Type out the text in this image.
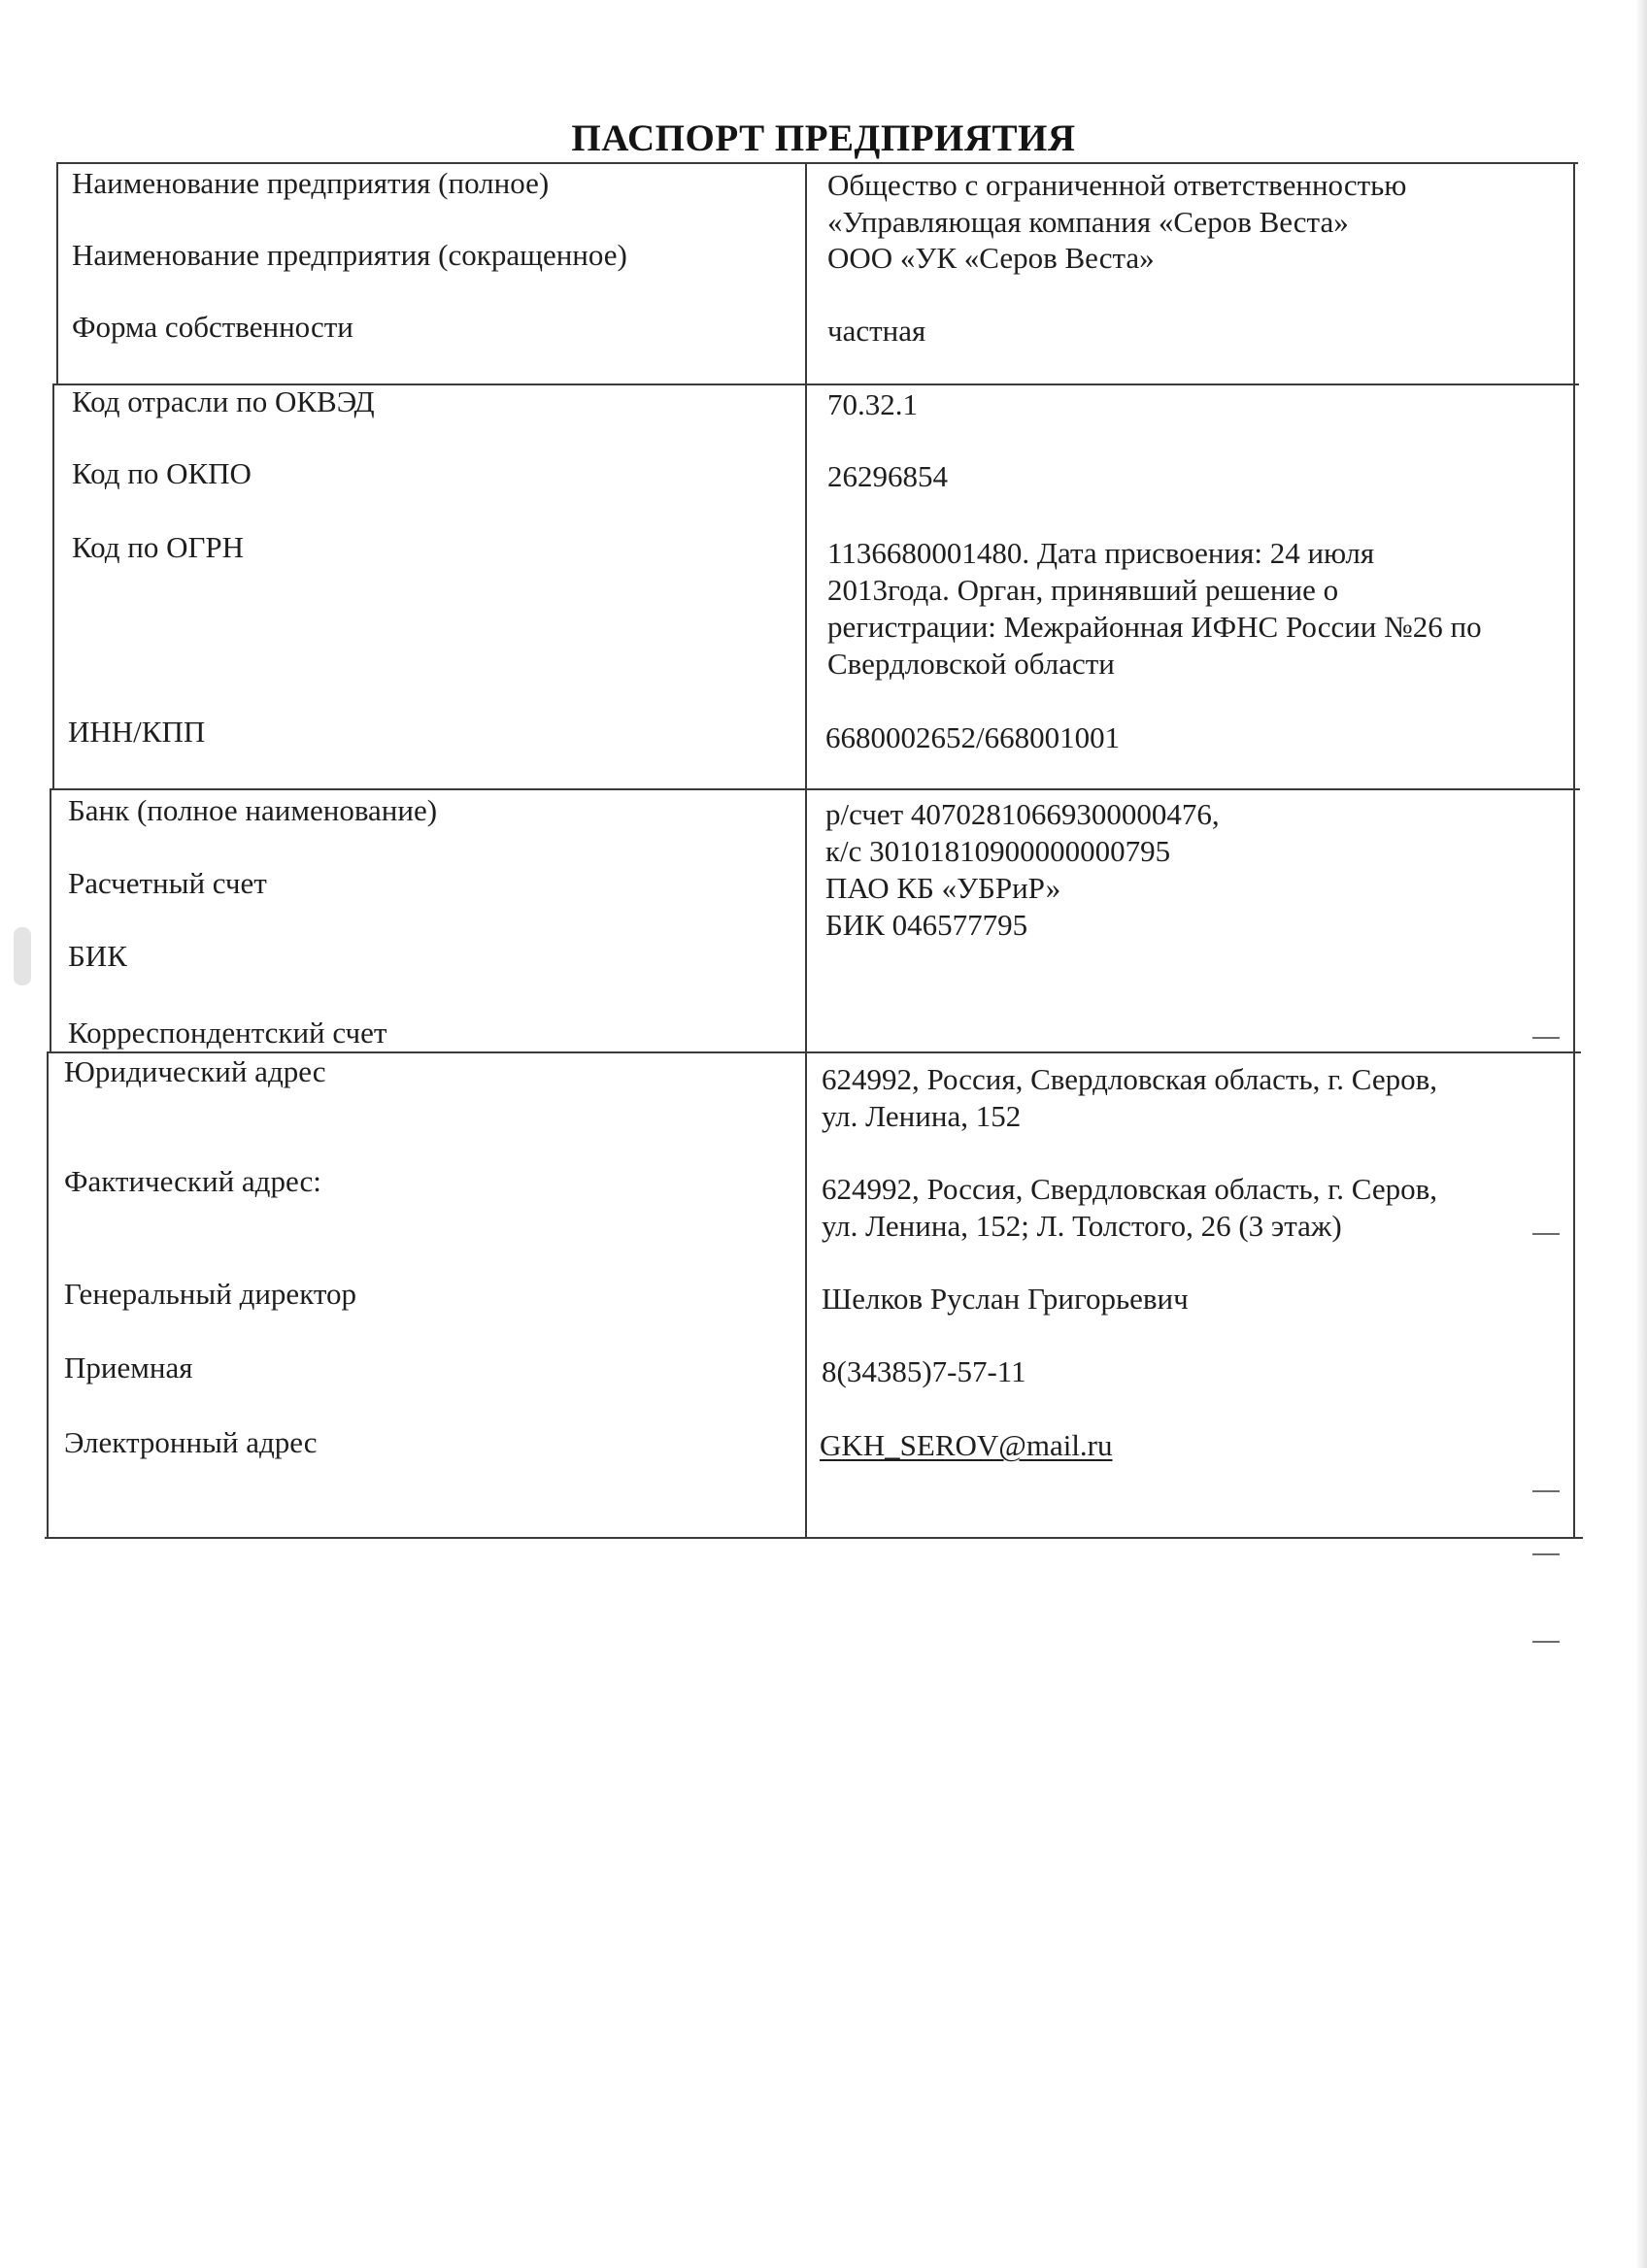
ПАСПОРТ ПРЕДПРИЯТИЯ
Наименование предприятия (полное)
Наименование предприятия (сокращенное)
Форма собственности
Общество с ограниченной ответственностью
«Управляющая компания «Серов Веста»
ООО «УК «Серов Веста»
частная
Код отрасли по ОКВЭД
Код по ОКПО
Код по ОГРН
ИНН/КПП
70.32.1
26296854
1136680001480. Дата присвоения: 24 июля
2013года. Орган, принявший решение о
регистрации: Межрайонная ИФНС России №26 по
Свердловской области
6680002652/668001001
Банк (полное наименование)
Расчетный счет
БИК
Корреспондентский счет
р/счет 40702810669300000476,
к/с 30101810900000000795
ПАО КБ «УБРиР»
БИК 046577795
Юридический адрес
Фактический адрес:
Генеральный директор
Приемная
Электронный адрес
624992, Россия, Свердловская область, г. Серов,
ул. Ленина, 152
624992, Россия, Свердловская область, г. Серов,
ул. Ленина, 152; Л. Толстого, 26 (3 этаж)
Шелков Руслан Григорьевич
8(34385)7-57-11
GKH_SEROV@mail.ru
